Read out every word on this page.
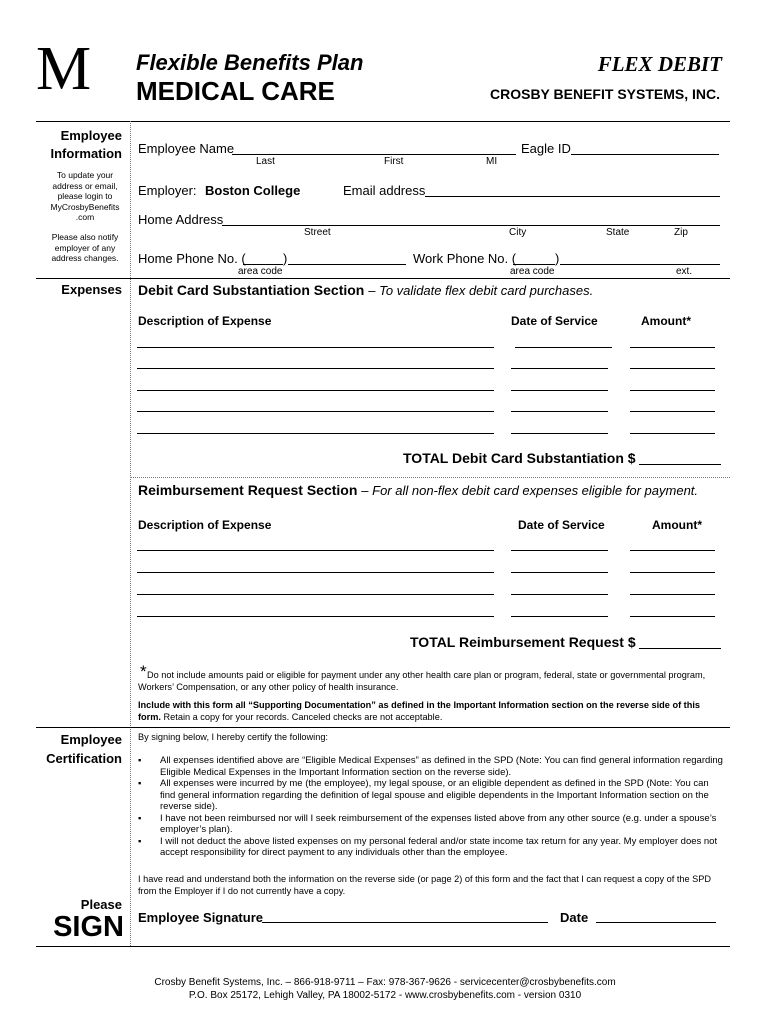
M Flexible Benefits Plan
MEDICAL CARE
FLEX DEBIT
CROSBY BENEFIT SYSTEMS, INC.
Employee
Information
To update your address or email, please login to MyCrosbyBenefits .com
Please also notify employer of any address changes.
Employee Name	Eagle ID
Last	First	MI
Employer: Boston College	Email address
Home Address
Street	City	State	Zip
Home Phone No. (	)	Work Phone No. (	)
area code	area code	ext.
Expenses Debit Card Substantiation Section – To validate flex debit card purchases.
Description of Expense	Date of Service	Amount*
TOTAL Debit Card Substantiation $
Reimbursement Request Section – For all non-flex debit card expenses eligible for payment.
Description of Expense	Date of Service	Amount*
TOTAL Reimbursement Request $
* Do not include amounts paid or eligible for payment under any other health care plan or program, federal, state or governmental program, Workers’ Compensation, or any other policy of health insurance.
Include with this form all “Supporting Documentation” as defined in the Important Information section on the reverse side of this form. Retain a copy for your records. Canceled checks are not acceptable.
Employee
Certification
By signing below, I hereby certify the following:
▪	All expenses identified above are “Eligible Medical Expenses” as defined in the SPD (Note: You can find general information regarding Eligible Medical Expenses in the Important Information section on the reverse side).
▪	All expenses were incurred by me (the employee), my legal spouse, or an eligible dependent as defined in the SPD (Note: You can find general information regarding the definition of legal spouse and eligible dependents in the Important Information section on the reverse side).
▪	I have not been reimbursed nor will I seek reimbursement of the expenses listed above from any other source (e.g. under a spouse’s employer’s plan).
▪	I will not deduct the above listed expenses on my personal federal and/or state income tax return for any year. My employer does not accept responsibility for direct payment to any individuals other than the employee.
I have read and understand both the information on the reverse side (or page 2) of this form and the fact that I can request a copy of the SPD from the Employer if I do not currently have a copy.
Please
SIGN Employee Signature	Date
Crosby Benefit Systems, Inc. – 866-918-9711 – Fax: 978-367-9626 - servicecenter@crosbybenefits.com
P.O. Box 25172, Lehigh Valley, PA 18002-5172 - www.crosbybenefits.com - version 0310
